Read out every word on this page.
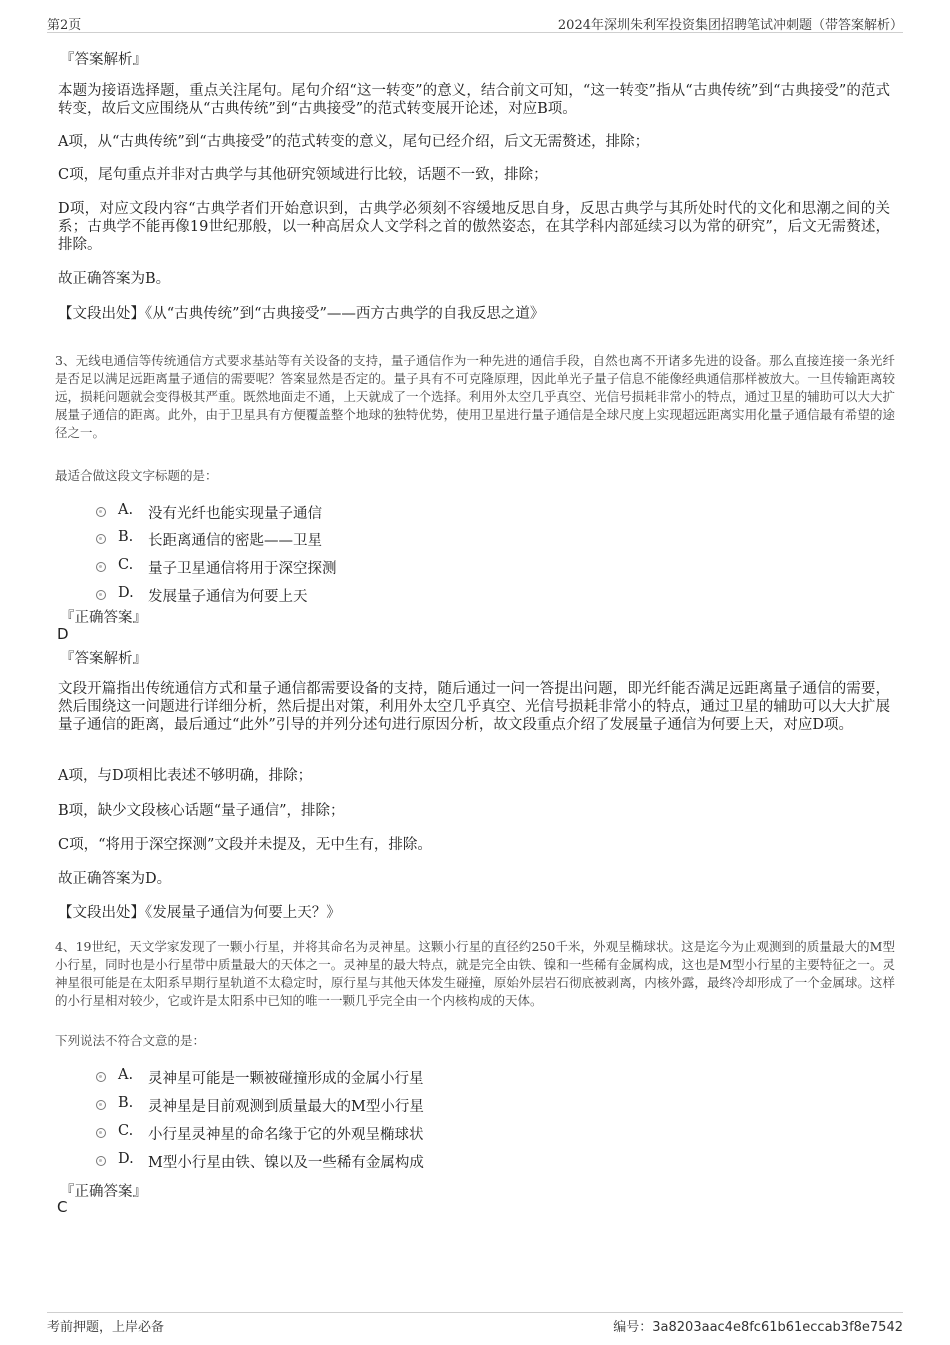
第2页	2024年深圳朱利军投资集团招聘笔试冲刺题（带答案解析）
『答案解析』
本题为接语选择题，重点关注尾句。尾句介绍“这一转变”的意义，结合前文可知，“这一转变”指从“古典传统”到“古典接受”的范式转变，故后文应围绕从“古典传统”到“古典接受”的范式转变展开论述，对应B项。
A项，从“古典传统”到“古典接受”的范式转变的意义，尾句已经介绍，后文无需赘述，排除；
C项，尾句重点并非对古典学与其他研究领域进行比较，话题不一致，排除；
D项，对应文段内容“古典学者们开始意识到，古典学必须刻不容缓地反思自身，反思古典学与其所处时代的文化和思潮之间的关系；古典学不能再像19世纪那般，以一种高居众人文学科之首的傲然姿态，在其学科内部延续习以为常的研究”，后文无需赘述，排除。
故正确答案为B。
【文段出处】《从“古典传统”到“古典接受”——西方古典学的自我反思之道》
3、无线电通信等传统通信方式要求基站等有关设备的支持，量子通信作为一种先进的通信手段，自然也离不开诸多先进的设备。那么直接连接一条光纤是否足以满足远距离量子通信的需要呢？答案显然是否定的。量子具有不可克隆原理，因此单光子量子信息不能像经典通信那样被放大。一旦传输距离较远，损耗问题就会变得极其严重。既然地面走不通，上天就成了一个选择。利用外太空几乎真空、光信号损耗非常小的特点，通过卫星的辅助可以大大扩展量子通信的距离。此外，由于卫星具有方便覆盖整个地球的独特优势，使用卫星进行量子通信是全球尺度上实现超远距离实用化量子通信最有希望的途径之一。
最适合做这段文字标题的是：
A. 没有光纤也能实现量子通信
B. 长距离通信的密匙——卫星
C. 量子卫星通信将用于深空探测
D. 发展量子通信为何要上天
『正确答案』
D
『答案解析』
文段开篇指出传统通信方式和量子通信都需要设备的支持，随后通过一问一答提出问题，即光纤能否满足远距离量子通信的需要，然后围绕这一问题进行详细分析，然后提出对策，利用外太空几乎真空、光信号损耗非常小的特点，通过卫星的辅助可以大大扩展量子通信的距离，最后通过“此外”引导的并列分述句进行原因分析，故文段重点介绍了发展量子通信为何要上天，对应D项。
A项，与D项相比表述不够明确，排除；
B项，缺少文段核心话题“量子通信”，排除；
C项，“将用于深空探测”文段并未提及，无中生有，排除。
故正确答案为D。
【文段出处】《发展量子通信为何要上天？》
4、19世纪，天文学家发现了一颗小行星，并将其命名为灵神星。这颗小行星的直径约250千米，外观呈椭球状。这是迄今为止观测到的质量最大的M型小行星，同时也是小行星带中质量最大的天体之一。灵神星的最大特点，就是完全由铁、镍和一些稀有金属构成，这也是M型小行星的主要特征之一。灵神星很可能是在太阳系早期行星轨道不太稳定时，原行星与其他天体发生碰撞，原始外层岩石彻底被剥离，内核外露，最终冷却形成了一个金属球。这样的小行星相对较少，它或许是太阳系中已知的唯一一颗几乎完全由一个内核构成的天体。
下列说法不符合文意的是：
A. 灵神星可能是一颗被碰撞形成的金属小行星
B. 灵神星是目前观测到质量最大的M型小行星
C. 小行星灵神星的命名缘于它的外观呈椭球状
D. M型小行星由铁、镍以及一些稀有金属构成
『正确答案』
C
考前押题，上岸必备	编号：3a8203aac4e8fc61b61eccab3f8e7542
